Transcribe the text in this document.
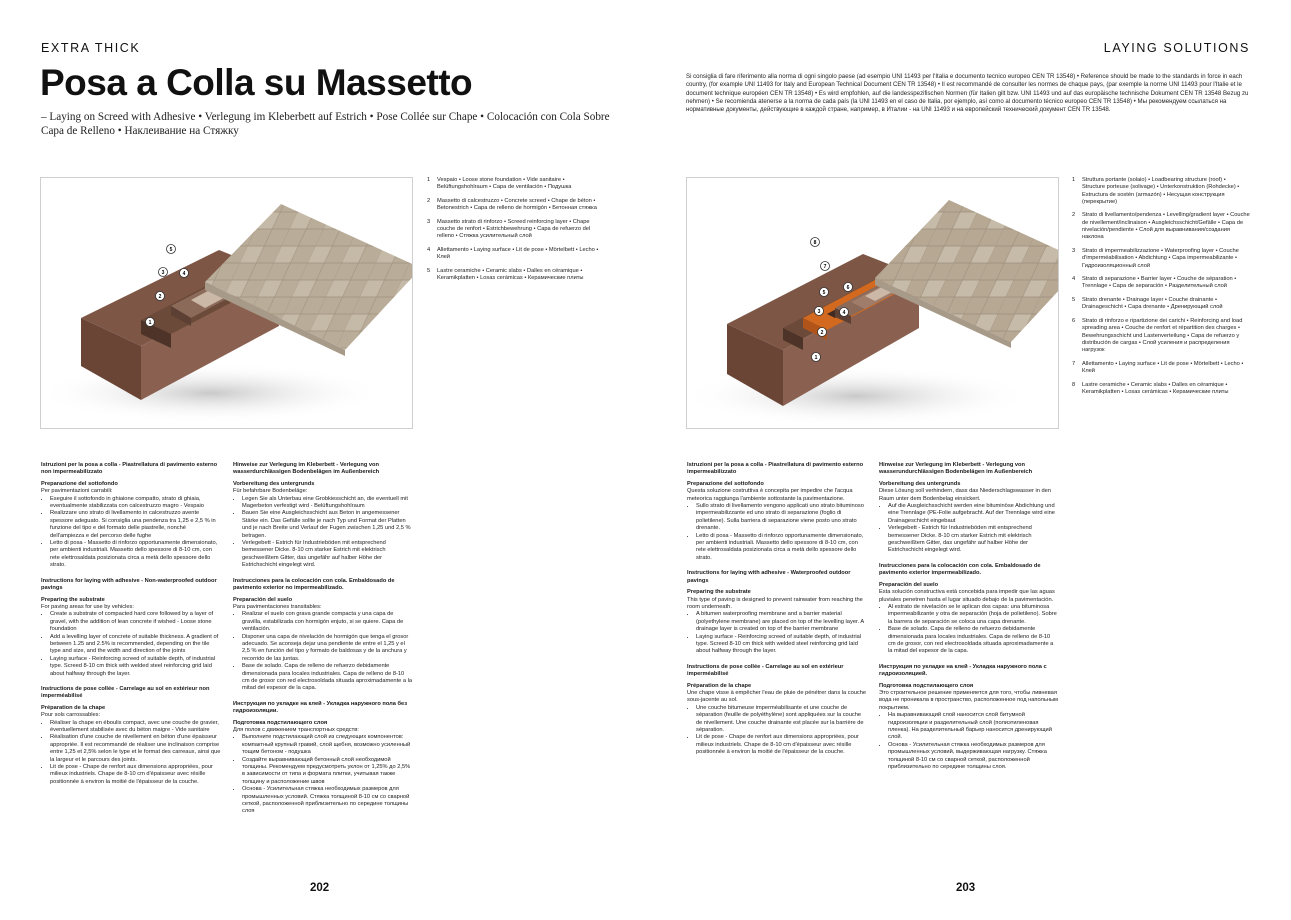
EXTRA THICK	LAYING SOLUTIONS
Posa a Colla su Massetto
– Laying on Screed with Adhesive • Verlegung im Kleberbett auf Estrich • Pose Collée sur Chape • Colocación con Cola Sobre Capa de Relleno • Наклеивание на Стяжку
Si consiglia di fare riferimento alla norma di ogni singolo paese (ad esempio UNI 11493 per l'Italia e documento tecnico europeo CEN TR 13548) • Reference should be made to the standards in force in each country, (for example UNI 11493 for Italy and European Technical Document CEN TR 13548) • Il est recommandé de consulter les normes de chaque pays, (par exemple la norme UNI 11493 pour l'Italie et le document technique européen CEN TR 13548) • Es wird empfohlen, auf die landesspezifischen Normen (für Italien gilt bzw. UNI 11493 und auf das europäische technische Dokument CEN TR 13548 Bezug zu nehmen) • Se recomienda atenerse a la norma de cada país (la UNI 11493 en el caso de Italia, por ejemplo, así como al documento técnico europeo CEN TR 13548) • Мы рекомендуем ссылаться на нормативные документы, действующие в каждой стране, например, в Италии - на UNI 11493 и на европейский технический документ CEN TR 13548.
1
2
3	4
5
1	Vespaio • Loose stone foundation • Vide sanitaire • Belüftungshohlraum • Capa de ventilación • Подушка
2	Massetto di calcestruzzo • Concrete screed • Chape de béton • Betonestrich • Capa de relleno de hormigón • Бетонная стяжка
3	Massetto strato di rinforzo • Screed reinforcing layer • Chape couche de renfort • Estrichbewehrung • Capa de refuerzo del relleno • Стяжка усилительный слой
4	Allettamento • Laying surface • Lit de pose • Mörtelbett • Lecho • Клей
5	Lastre ceramiche • Ceramic slabs • Dalles en céramique • Keramikplatten • Losas cerámicas • Керамические плиты
1
2
3	4
5
6
7
8
1	Struttura portante (solaio) • Loadbearing structure (roof) • Structure porteuse (solivage) • Unterkonstruktion (Rohdecke) • Estructura de sostén (armazón) • Несущая конструкция (перекрытие)
2	Strato di livellamento/pendenza • Levelling/gradient layer • Couche de nivellement/inclinaison • Ausgleichsschicht/Gefälle • Capa de nivelación/pendiente • Слой для выравнивания/создания наклона
3	Strato di impermeabilizzazione • Waterproofing layer • Couche d'imperméabilisation • Abdichtung • Capa impermeabilizante • Гидроизоляционный слой
4	Strato di separazione • Barrier layer • Couche de séparation • Trennlage • Capa de separación • Разделительный слой
5	Strato drenante • Drainage layer • Couche drainante • Drainageschicht • Capa drenante • Дренирующий слой
6	Strato di rinforzo e ripartizione dei carichi • Reinforcing and load spreading area • Couche de renfort et répartition des charges • Bewehrungsschicht und Lastenverteilung • Capa de refuerzo y distribución de cargas • Слой усиления и распределения нагрузок
7	Allettamento • Laying surface • Lit de pose • Mörtelbett • Lecho • Клей
8	Lastre ceramiche • Ceramic slabs • Dalles en céramique • Keramikplatten • Losas cerámicas • Керамические плиты
Istruzioni per la posa a colla - Piastrellatura di pavimento esterno non impermeabilizzato
Preparazione del sottofondo

Per pavimentazioni carrabili:

• Eseguire il sottofondo in ghiaione compatto, strato di ghiaia, eventualmente stabilizzata con calcestruzzo magro - Vespaio
• Realizzare uno strato di livellamento in calcestruzzo avente spessore adeguato. Si consiglia una pendenza tra 1,25 e 2,5 % in funzione del tipo e del formato delle piastrelle, nonché dell'ampiezza e del percorso delle fughe
• Letto di posa - Massetto di rinforzo opportunamente dimensionato, per ambienti industriali. Massetto dello spessore di 8-10 cm, con rete elettrosaldata posizionata circa a metà dello spessore dello strato.
Instructions for laying with adhesive - Non-waterproofed outdoor pavings
Preparing the substrate

For paving areas for use by vehicles:

• Create a substrate of compacted hard core followed by a layer of gravel, with the addition of lean concrete if wished - Loose stone foundation
• Add a levelling layer of concrete of suitable thickness. A gradient of between 1.25 and 2.5% is recommended, depending on the tile type and size, and the width and direction of the joints
• Laying surface - Reinforcing screed of suitable depth, of industrial type. Screed 8-10 cm thick with welded steel reinforcing grid laid about halfway through the layer.
Instructions de pose collée - Carrelage au sol en extérieur non imperméabilisé
Préparation de la chape

Pour sols carrossables:

• Réaliser la chape en éboulis compact, avec une couche de gravier, éventuellement stabilisée avec du béton maigre - Vide sanitaire
• Réalisation d'une couche de nivellement en béton d'une épaisseur appropriée. Il est recommandé de réaliser une inclinaison comprise entre 1,25 et 2,5% selon le type et le format des carreaux, ainsi que la largeur et le parcours des joints.
• Lit de pose - Chape de renfort aux dimensions appropriées, pour milieux industriels. Chape de 8-10 cm d'épaisseur avec résille positionnée à environ la moitié de l'épaisseur de la couche.
Hinweise zur Verlegung im Kleberbett - Verlegung von wasserdurchlässigen Bodenbelägen im Außenbereich
Vorbereitung des untergrunds

Für befahrbare Bodenbeläge:

• Legen Sie als Unterbau eine Grobkiesschicht an, die eventuell mit Magerbeton verfestigt wird - Belüftungshohlraum
• Bauen Sie eine Ausgleichsschicht aus Beton in angemessener Stärke ein. Das Gefälle sollte je nach Typ und Format der Platten und je nach Breite und Verlauf der Fugen zwischen 1,25 und 2,5 % betragen.
• Verlegebett - Estrich für Industrieböden mit entsprechend bemessener Dicke. 8-10 cm starker Estrich mit elektrisch geschweißtem Gitter, das ungefähr auf halber Höhe der Estrichschicht eingelegt wird.
Instrucciones para la colocación con cola. Embaldosado de pavimento exterior no impermeabilizado.
Preparación del suelo

Para pavimentaciones transitables:

• Realizar el suelo con grava grande compacta y una capa de gravilla, estabilizada con hormigón enjuto, si se quiere. Capa de ventilación.
• Disponer una capa de nivelación de hormigón que tenga el grosor adecuado. Se aconseja dejar una pendiente de entre el 1,25 y el 2,5 % en función del tipo y formato de baldosas y de la anchura y recorrido de las juntas.
• Base de solado. Capa de relleno de refuerzo debidamente dimensionada para locales industriales. Capa de relleno de 8-10 cm de grosor con red electrosoldada situada aproximadamente a la mitad del espesor de la capa.
Инструкция по укладке на клей - Укладка наружного пола без гидроизоляции.
Подготовка подстилающего слоя

Для полов с движением транспортных средств:

• Выполните подстилающий слой из следующих компонентов: компактный крупный гравий, слой щебня, возможно усиленный тощим бетоном - подушка
• Создайте выравнивающий бетонный слой необходимой толщины. Рекомендуем предусмотреть уклон от 1,25% до 2,5% в зависимости от типа и формата плитки, учитывая также толщину и расположение швов
• Основа - Усилительная стяжка необходимых размеров для промышленных условий. Стяжка толщиной 8-10 см со сварной сеткой, расположенной приблизительно по середине толщины слоя
Istruzioni per la posa a colla - Piastrellatura di pavimento esterno impermeabilizzato
Preparazione del sottofondo

Questa soluzione costruttiva è concepita per impedire che l'acqua meteorica raggiunga l'ambiente sottostante la pavimentazione.

• Sullo strato di livellamento vengono applicati uno strato bituminoso impermeabilizzante ed uno strato di separazione (foglio di polietilene). Sulla barriera di separazione viene posto uno strato drenante.
• Letto di posa - Massetto di rinforzo opportunamente dimensionato, per ambienti industriali. Massetto dello spessore di 8-10 cm, con rete elettrosaldata posizionata circa a metà dello spessore dello strato.
Instructions for laying with adhesive - Waterproofed outdoor pavings
Preparing the substrate

This type of paving is designed to prevent rainwater from reaching the room underneath.

• A bitumen waterproofing membrane and a barrier material (polyethylene membrane) are placed on top of the levelling layer. A drainage layer is created on top of the barrier membrane
• Laying surface - Reinforcing screed of suitable depth, of industrial type. Screed 8-10 cm thick with welded steel reinforcing grid laid about halfway through the layer.
Instructions de pose collée - Carrelage au sol en extérieur imperméabilisé
Préparation de la chape

Une chape visse à empêcher l'eau de pluie de pénétrer dans la couche sous-jacente au sol.

• Une couche bitumeuse imperméabilisante et une couche de séparation (feuille de polyéthylène) sont appliquées sur la couche de nivellement. Une couche drainante est placée sur la barrière de séparation.
• Lit de pose - Chape de renfort aux dimensions appropriées, pour milieux industriels. Chape de 8-10 cm d'épaisseur avec résille positionnée à environ la moitié de l'épaisseur de la couche.
Hinweise zur Verlegung im Kleberbett - Verlegung von wasserundurchlässigen Bodenbelägen im Außenbereich
Vorbereitung des untergrunds

Diese Lösung soll verhindern, dass das Niederschlagswasser in den Raum unter dem Bodenbelag einsickert.

• Auf die Ausgleichsschicht werden eine bituminöse Abdichtung und eine Trennlage (PE-Folie aufgebracht. Auf der Trennlage wird eine Drainageschicht eingebaut
• Verlegebett - Estrich für Industrieböden mit entsprechend bemessener Dicke. 8-10 cm starker Estrich mit elektrisch geschweißtem Gitter, das ungefähr auf halber Höhe der Estrichschicht eingelegt wird.
Instrucciones para la colocación con cola. Embaldosado de pavimento exterior impermeabilizado.
Preparación del suelo

Esta solución constructiva está concebida para impedir que las aguas pluviales penetren hasta el lugar situado debajo de la pavimentación.

• Al estrato de nivelación se le aplican dos capas: una bituminosa impermeabilizante y otra de separación (hoja de polietileno). Sobre la barrera de separación se coloca una capa drenante.
• Base de solado. Capa de relleno de refuerzo debidamente dimensionada para locales industriales. Capa de relleno de 8-10 cm de grosor, con red electrosoldada situada aproximadamente a la mitad del espesor de la capa.
Инструкция по укладке на клей - Укладка наружного пола с гидроизоляцией.
Подготовка подстилающего слоя

Это строительное решение применяется для того, чтобы ливневая вода не проникала в пространство, расположенное под напольным покрытием.

• На выравнивающий слой наносится слой битумной гидроизоляции и разделительный слой (полиэтиленовая пленка). На разделительный барьер наносится дренирующий слой.
• Основа - Усилительная стяжка необходимых размеров для промышленных условий, выдерживающая нагрузку. Стяжка толщиной 8-10 см со сварной сеткой, расположенной приблизительно по середине толщины слоя.
202	203
